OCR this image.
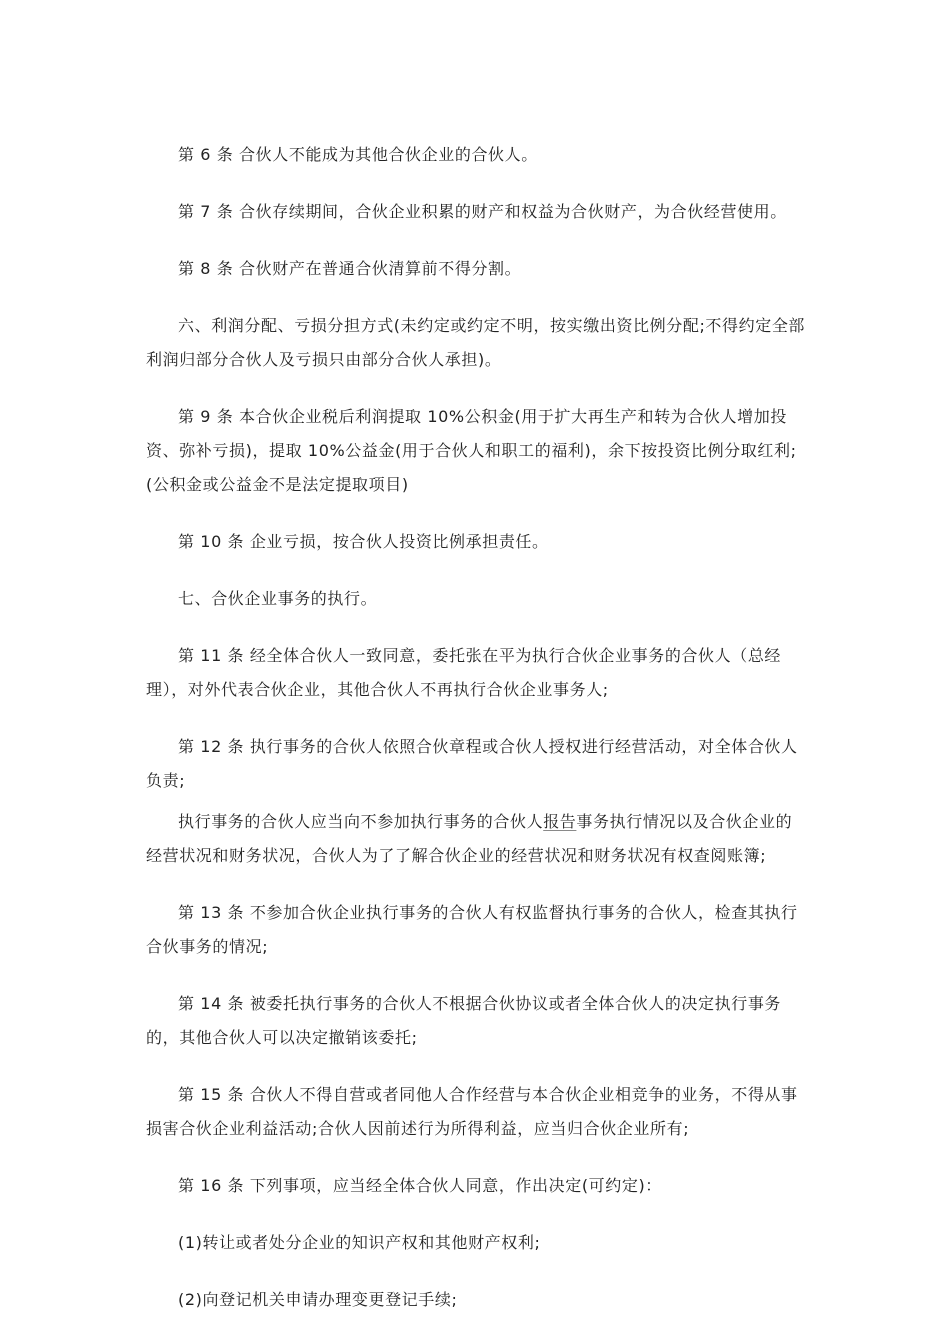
第 6 条 合伙人不能成为其他合伙企业的合伙人。

第 7 条 合伙存续期间，合伙企业积累的财产和权益为合伙财产，为合伙经营使用。

第 8 条 合伙财产在普通合伙清算前不得分割。

六、利润分配、亏损分担方式(未约定或约定不明，按实缴出资比例分配;不得约定全部利润归部分合伙人及亏损只由部分合伙人承担)。

第 9 条 本合伙企业税后利润提取 10%公积金(用于扩大再生产和转为合伙人增加投资、弥补亏损)，提取 10%公益金(用于合伙人和职工的福利)，余下按投资比例分取红利;(公积金或公益金不是法定提取项目)

第 10 条 企业亏损，按合伙人投资比例承担责任。

七、合伙企业事务的执行。

第 11 条 经全体合伙人一致同意，委托张在平为执行合伙企业事务的合伙人（总经理），对外代表合伙企业，其他合伙人不再执行合伙企业事务人;

第 12 条 执行事务的合伙人依照合伙章程或合伙人授权进行经营活动，对全体合伙人负责;

执行事务的合伙人应当向不参加执行事务的合伙人报告事务执行情况以及合伙企业的经营状况和财务状况，合伙人为了了解合伙企业的经营状况和财务状况有权查阅账簿;

第 13 条 不参加合伙企业执行事务的合伙人有权监督执行事务的合伙人，检查其执行合伙事务的情况;

第 14 条 被委托执行事务的合伙人不根据合伙协议或者全体合伙人的决定执行事务的，其他合伙人可以决定撤销该委托;

第 15 条 合伙人不得自营或者同他人合作经营与本合伙企业相竞争的业务，不得从事损害合伙企业利益活动;合伙人因前述行为所得利益，应当归合伙企业所有;

第 16 条 下列事项，应当经全体合伙人同意，作出决定(可约定)：

(1)转让或者处分企业的知识产权和其他财产权利;

(2)向登记机关申请办理变更登记手续;
